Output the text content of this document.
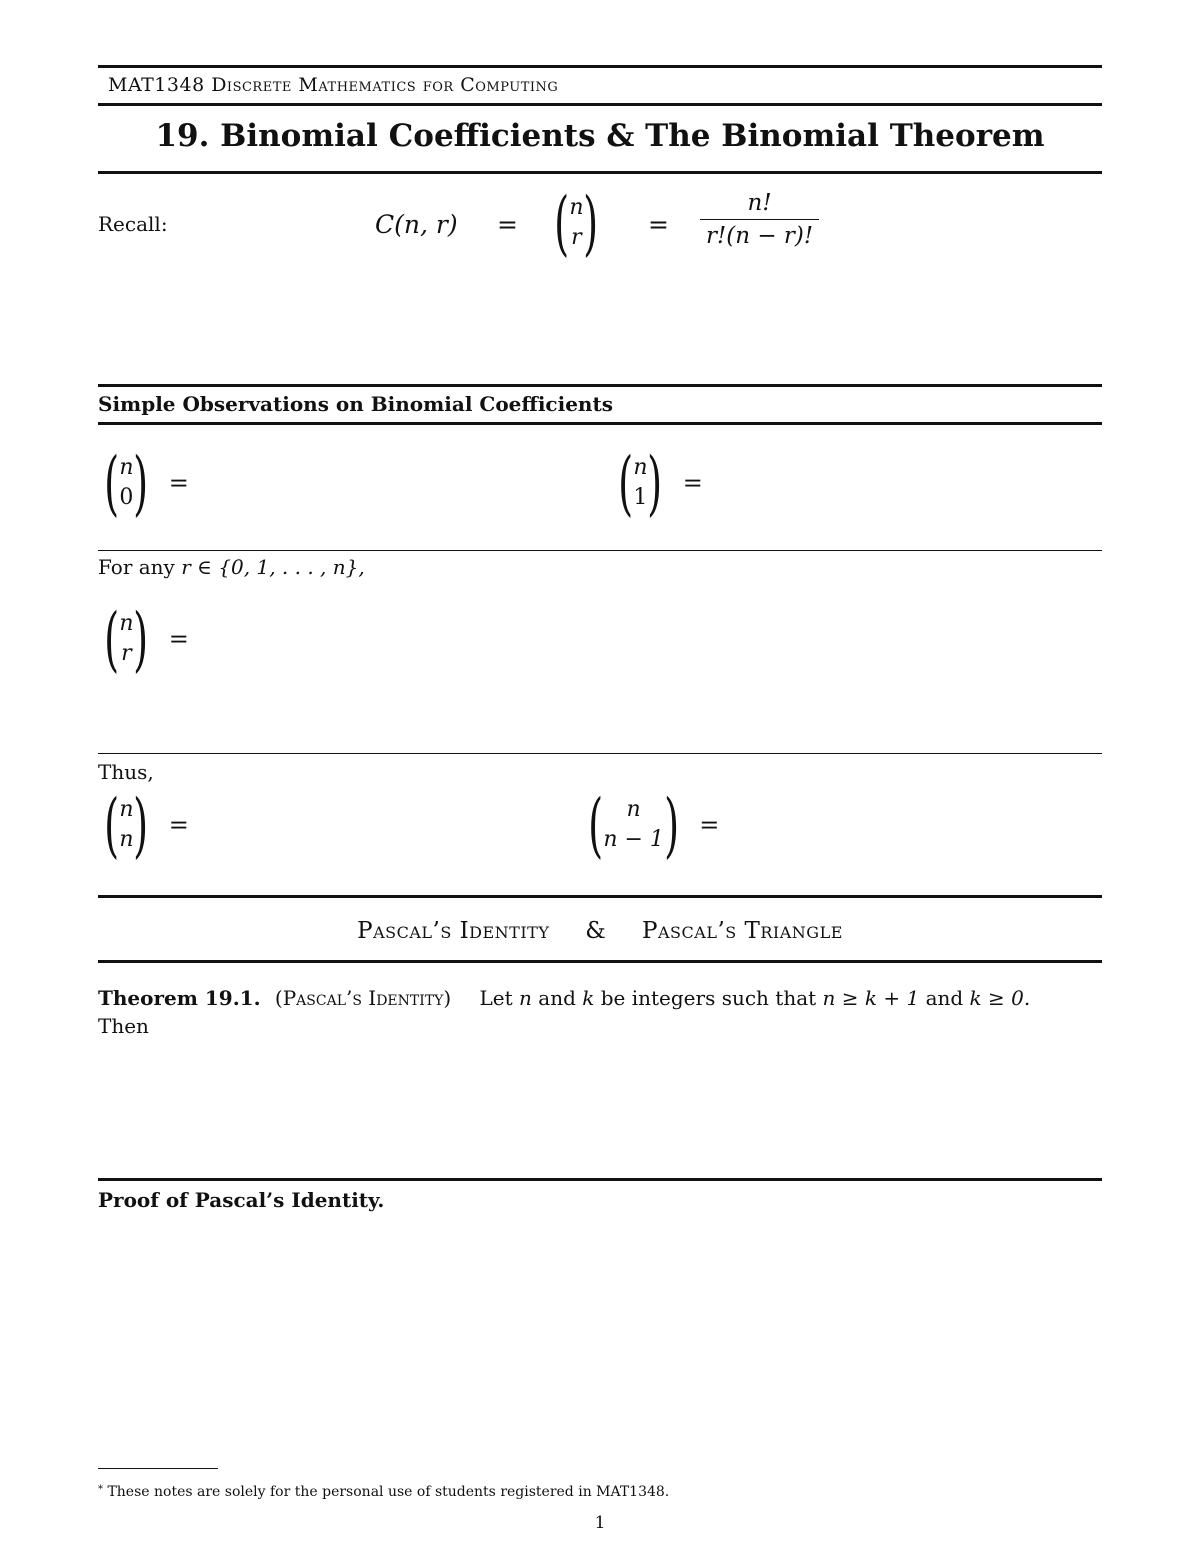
MAT1348 Discrete Mathematics for Computing
19. Binomial Coefficients & The Binomial Theorem
Recall:	C(n, r) = ( n
r ) = $\frac{n!}{r!(n - r)!}$
Simple Observations on Binomial Coefficients
( n
0 ) =	( n
1 ) =
For any r ∈ {0, 1, . . . , n},
( n
r ) =
Thus,
( n
n ) =	( n
n − 1 ) =
Pascal’s Identity & Pascal’s Triangle
Theorem 19.1. (Pascal’s Identity) Let n and k be integers such that n ≥ k + 1 and k ≥ 0.
Then
Proof of Pascal’s Identity.
* These notes are solely for the personal use of students registered in MAT1348.
1
